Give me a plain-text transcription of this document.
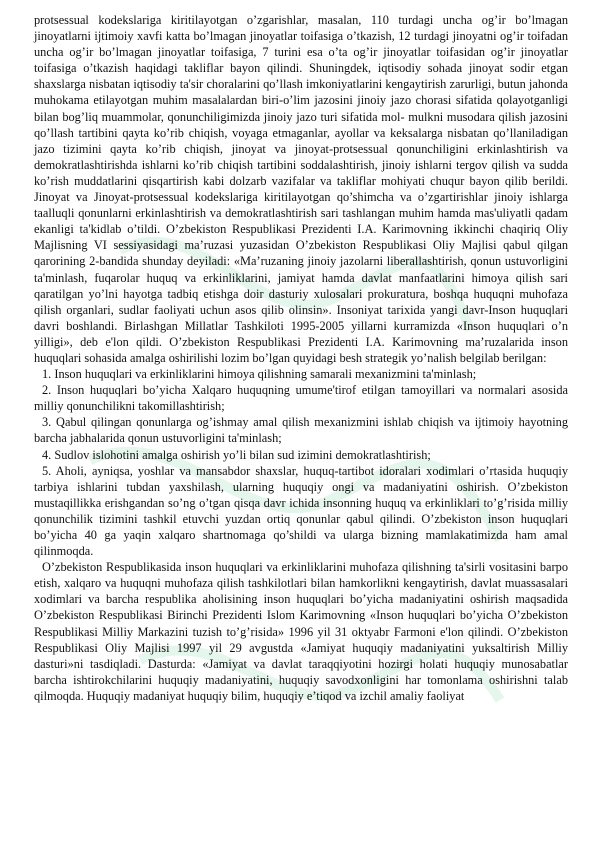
protsessual kodekslariga kiritilayotgan o’zgarishlar, masalan, 110 turdagi uncha og’ir bo’lmagan jinoyatlarni ijtimoiy xavfi katta bo’lmagan jinoyatlar toifasiga o’tkazish, 12 turdagi jinoyatni og’ir toifadan uncha og’ir bo’lmagan jinoyatlar toifasiga, 7 turini esa o’ta og’ir jinoyatlar toifasidan og’ir jinoyatlar toifasiga o’tkazish haqidagi takliflar bayon qilindi. Shuningdek, iqtisodiy sohada jinoyat sodir etgan shaxslarga nisbatan iqtisodiy ta'sir choralarini qo’llash imkoniyatlarini kengaytirish zarurligi, butun jahonda muhokama etilayotgan muhim masalalardan biri-o’lim jazosini jinoiy jazo chorasi sifatida qolayotganligi bilan bog’liq muammolar, qonunchiligimizda jinoiy jazo turi sifatida mol- mulkni musodara qilish jazosini qo’llash tartibini qayta ko’rib chiqish, voyaga etmaganlar, ayollar va keksalarga nisbatan qo’llaniladigan jazo tizimini qayta ko’rib chiqish, jinoyat va jinoyat-protsessual qonunchiligini erkinlashtirish va demokratlashtirishda ishlarni ko’rib chiqish tartibini soddalashtirish, jinoiy ishlarni tergov qilish va sudda ko’rish muddatlarini qisqartirish kabi dolzarb vazifalar va takliflar mohiyati chuqur bayon qilib berildi. Jinoyat va Jinoyat-protsessual kodekslariga kiritilayotgan qo’shimcha va o’zgartirishlar jinoiy ishlarga taalluqli qonunlarni erkinlashtirish va demokratlashtirish sari tashlangan muhim hamda mas'uliyatli qadam ekanligi ta'kidlab o’tildi. O’zbekiston Respublikasi Prezidenti I.A. Karimovning ikkinchi chaqiriq Oliy Majlisning VI sessiyasidagi ma’ruzasi yuzasidan O’zbekiston Respublikasi Oliy Majlisi qabul qilgan qarorining 2-bandida shunday deyiladi: «Ma’ruzaning jinoiy jazolarni liberallashtirish, qonun ustuvorligini ta'minlash, fuqarolar huquq va erkinliklarini, jamiyat hamda davlat manfaatlarini himoya qilish sari qaratilgan yo’lni hayotga tadbiq etishga doir dasturiy xulosalari prokuratura, boshqa huquqni muhofaza qilish organlari, sudlar faoliyati uchun asos qilib olinsin». Insoniyat tarixida yangi davr-Inson huquqlari davri boshlandi. Birlashgan Millatlar Tashkiloti 1995-2005 yillarni kurramizda «Inson huquqlari o’n yilligi», deb e'lon qildi. O’zbekiston Respublikasi Prezidenti I.A. Karimovning ma’ruzalarida inson huquqlari sohasida amalga oshirilishi lozim bo’lgan quyidagi besh strategik yo’nalish belgilab berilgan:

1. Inson huquqlari va erkinliklarini himoya qilishning samarali mexanizmini ta'minlash;

2. Inson huquqlari bo’yicha Xalqaro huquqning umume'tirof etilgan tamoyillari va normalari asosida milliy qonunchilikni takomillashtirish;

3. Qabul qilingan qonunlarga og’ishmay amal qilish mexanizmini ishlab chiqish va ijtimoiy hayotning barcha jabhalarida qonun ustuvorligini ta'minlash;

4. Sudlov islohotini amalga oshirish yo’li bilan sud izimini demokratlashtirish;

5. Aholi, ayniqsa, yoshlar va mansabdor shaxslar, huquq-tartibot idoralari xodimlari o’rtasida huquqiy tarbiya ishlarini tubdan yaxshilash, ularning huquqiy ongi va madaniyatini oshirish. O’zbekiston mustaqillikka erishgandan so’ng o’tgan qisqa davr ichida insonning huquq va erkinliklari to’g’risida milliy qonunchilik tizimini tashkil etuvchi yuzdan ortiq qonunlar qabul qilindi. O’zbekiston inson huquqlari bo’yicha 40 ga yaqin xalqaro shartnomaga qo’shildi va ularga bizning mamlakatimizda ham amal qilinmoqda.

O’zbekiston Respublikasida inson huquqlari va erkinliklarini muhofaza qilishning ta'sirli vositasini barpo etish, xalqaro va huquqni muhofaza qilish tashkilotlari bilan hamkorlikni kengaytirish, davlat muassasalari xodimlari va barcha respublika aholisining inson huquqlari bo’yicha madaniyatini oshirish maqsadida O’zbekiston Respublikasi Birinchi Prezidenti Islom Karimovning «Inson huquqlari bo’yicha O’zbekiston Respublikasi Milliy Markazini tuzish to’g’risida» 1996 yil 31 oktyabr Farmoni e'lon qilindi. O’zbekiston Respublikasi Oliy Majlisi 1997 yil 29 avgustda «Jamiyat huquqiy madaniyatini yuksaltirish Milliy dasturi»ni tasdiqladi. Dasturda: «Jamiyat va davlat taraqqiyotini hozirgi holati huquqiy munosabatlar barcha ishtirokchilarini huquqiy madaniyatini, huquqiy savodxonligini har tomonlama oshirishni talab qilmoqda. Huquqiy madaniyat huquqiy bilim, huquqiy e’tiqod va izchil amaliy faoliyat
